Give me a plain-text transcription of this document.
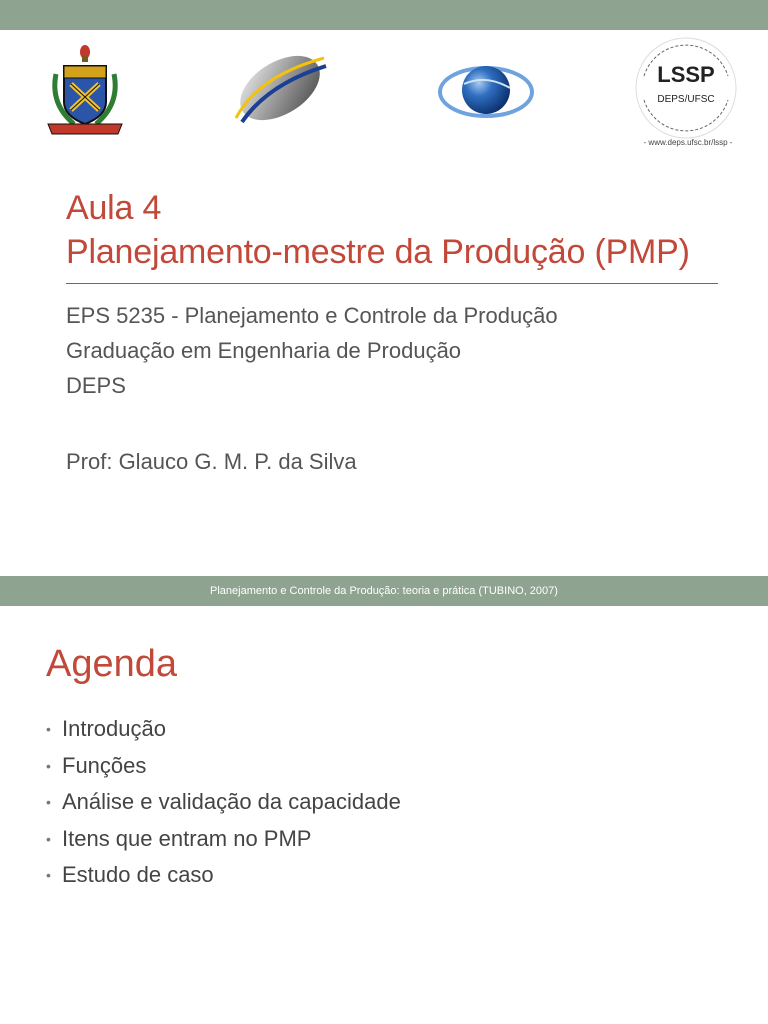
LSSP
DEPS/UFSC
- www.deps.ufsc.br/lssp -
Aula 4
Planejamento-mestre da Produção (PMP)
EPS 5235 - Planejamento e Controle da Produção
Graduação em Engenharia de Produção
DEPS
Prof: Glauco G. M. P. da Silva
Planejamento e Controle da Produção: teoria e prática (TUBINO, 2007)
Agenda
• Introdução
• Funções
• Análise e validação da capacidade
• Itens que entram no PMP
• Estudo de caso
